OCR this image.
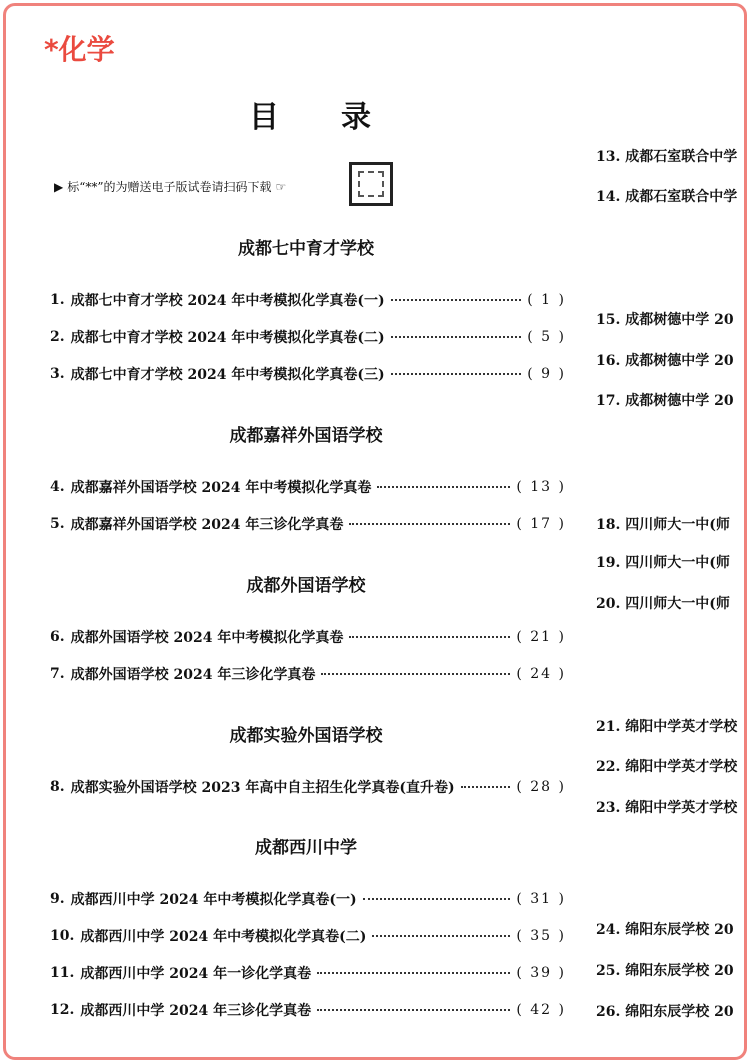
*化学
目录
▶ 标“**”的为赠送电子版试卷请扫码下载 ☞
成都七中育才学校
1. 成都七中育才学校 2024 年中考模拟化学真卷(一)	( 1 )
2. 成都七中育才学校 2024 年中考模拟化学真卷(二)	( 5 )
3. 成都七中育才学校 2024 年中考模拟化学真卷(三)	( 9 )
成都嘉祥外国语学校
4. 成都嘉祥外国语学校 2024 年中考模拟化学真卷	( 13 )
5. 成都嘉祥外国语学校 2024 年三诊化学真卷	( 17 )
成都外国语学校
6. 成都外国语学校 2024 年中考模拟化学真卷	( 21 )
7. 成都外国语学校 2024 年三诊化学真卷	( 24 )
成都实验外国语学校
8. 成都实验外国语学校 2023 年高中自主招生化学真卷(直升卷)	( 28 )
成都西川中学
9. 成都西川中学 2024 年中考模拟化学真卷(一)	( 31 )
10. 成都西川中学 2024 年中考模拟化学真卷(二)	( 35 )
11. 成都西川中学 2024 年一诊化学真卷	( 39 )
12. 成都西川中学 2024 年三诊化学真卷	( 42 )
13. 成都石室联合中学
14. 成都石室联合中学
15. 成都树德中学 20
16. 成都树德中学 20
17. 成都树德中学 20
18. 四川师大一中(师
19. 四川师大一中(师
20. 四川师大一中(师
21. 绵阳中学英才学校
22. 绵阳中学英才学校
23. 绵阳中学英才学校
24. 绵阳东辰学校 20
25. 绵阳东辰学校 20
26. 绵阳东辰学校 20
